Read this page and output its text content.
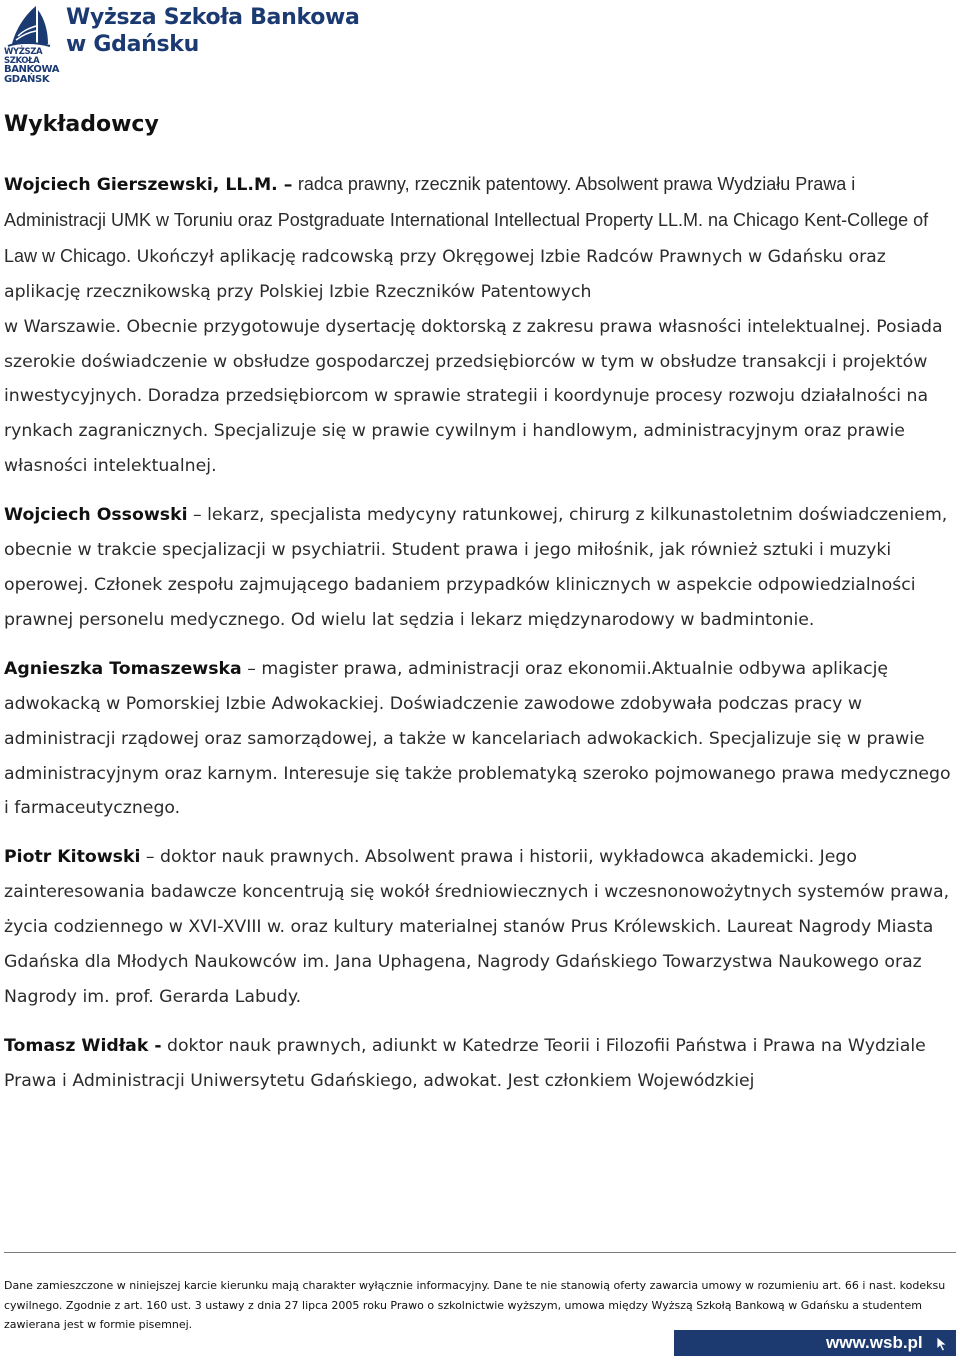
WYŻSZA SZKOŁA
BANKOWA
GDAŃSK
Wyższa Szkoła Bankowa
w Gdańsku
Wykładowcy

Wojciech Gierszewski, LL.M. – radca prawny, rzecznik patentowy. Absolwent prawa Wydziału Prawa i Administracji UMK w Toruniu oraz Postgraduate International Intellectual Property LL.M. na Chicago Kent-College of Law w Chicago. Ukończył aplikację radcowską przy Okręgowej Izbie Radców Prawnych w Gdańsku oraz aplikację rzecznikowską przy Polskiej Izbie Rzeczników Patentowych
w Warszawie. Obecnie przygotowuje dysertację doktorską z zakresu prawa własności intelektualnej. Posiada szerokie doświadczenie w obsłudze gospodarczej przedsiębiorców w tym w obsłudze transakcji i projektów inwestycyjnych. Doradza przedsiębiorcom w sprawie strategii i koordynuje procesy rozwoju działalności na rynkach zagranicznych. Specjalizuje się w prawie cywilnym i handlowym, administracyjnym oraz prawie własności intelektualnej.

Wojciech Ossowski – lekarz, specjalista medycyny ratunkowej, chirurg z kilkunastoletnim doświadczeniem, obecnie w trakcie specjalizacji w psychiatrii. Student prawa i jego miłośnik, jak również sztuki i muzyki operowej. Członek zespołu zajmującego badaniem przypadków klinicznych w aspekcie odpowiedzialności prawnej personelu medycznego. Od wielu lat sędzia i lekarz międzynarodowy w badmintonie.

Agnieszka Tomaszewska – magister prawa, administracji oraz ekonomii.Aktualnie odbywa aplikację adwokacką w Pomorskiej Izbie Adwokackiej. Doświadczenie zawodowe zdobywała podczas pracy w administracji rządowej oraz samorządowej, a także w kancelariach adwokackich. Specjalizuje się w prawie administracyjnym oraz karnym. Interesuje się także problematyką szeroko pojmowanego prawa medycznego i farmaceutycznego.

Piotr Kitowski – doktor nauk prawnych. Absolwent prawa i historii, wykładowca akademicki. Jego zainteresowania badawcze koncentrują się wokół średniowiecznych i wczesnonowożytnych systemów prawa, życia codziennego w XVI-XVIII w. oraz kultury materialnej stanów Prus Królewskich. Laureat Nagrody Miasta Gdańska dla Młodych Naukowców im. Jana Uphagena, Nagrody Gdańskiego Towarzystwa Naukowego oraz Nagrody im. prof. Gerarda Labudy.

Tomasz Widłak - doktor nauk prawnych, adiunkt w Katedrze Teorii i Filozofii Państwa i Prawa na Wydziale Prawa i Administracji Uniwersytetu Gdańskiego, adwokat. Jest członkiem Wojewódzkiej

Dane zamieszczone w niniejszej karcie kierunku mają charakter wyłącznie informacyjny. Dane te nie stanowią oferty zawarcia umowy w rozumieniu art. 66 i nast. kodeksu cywilnego. Zgodnie z art. 160 ust. 3 ustawy z dnia 27 lipca 2005 roku Prawo o szkolnictwie wyższym, umowa między Wyższą Szkołą Bankową w Gdańsku a studentem zawierana jest w formie pisemnej.
www.wsb.pl
